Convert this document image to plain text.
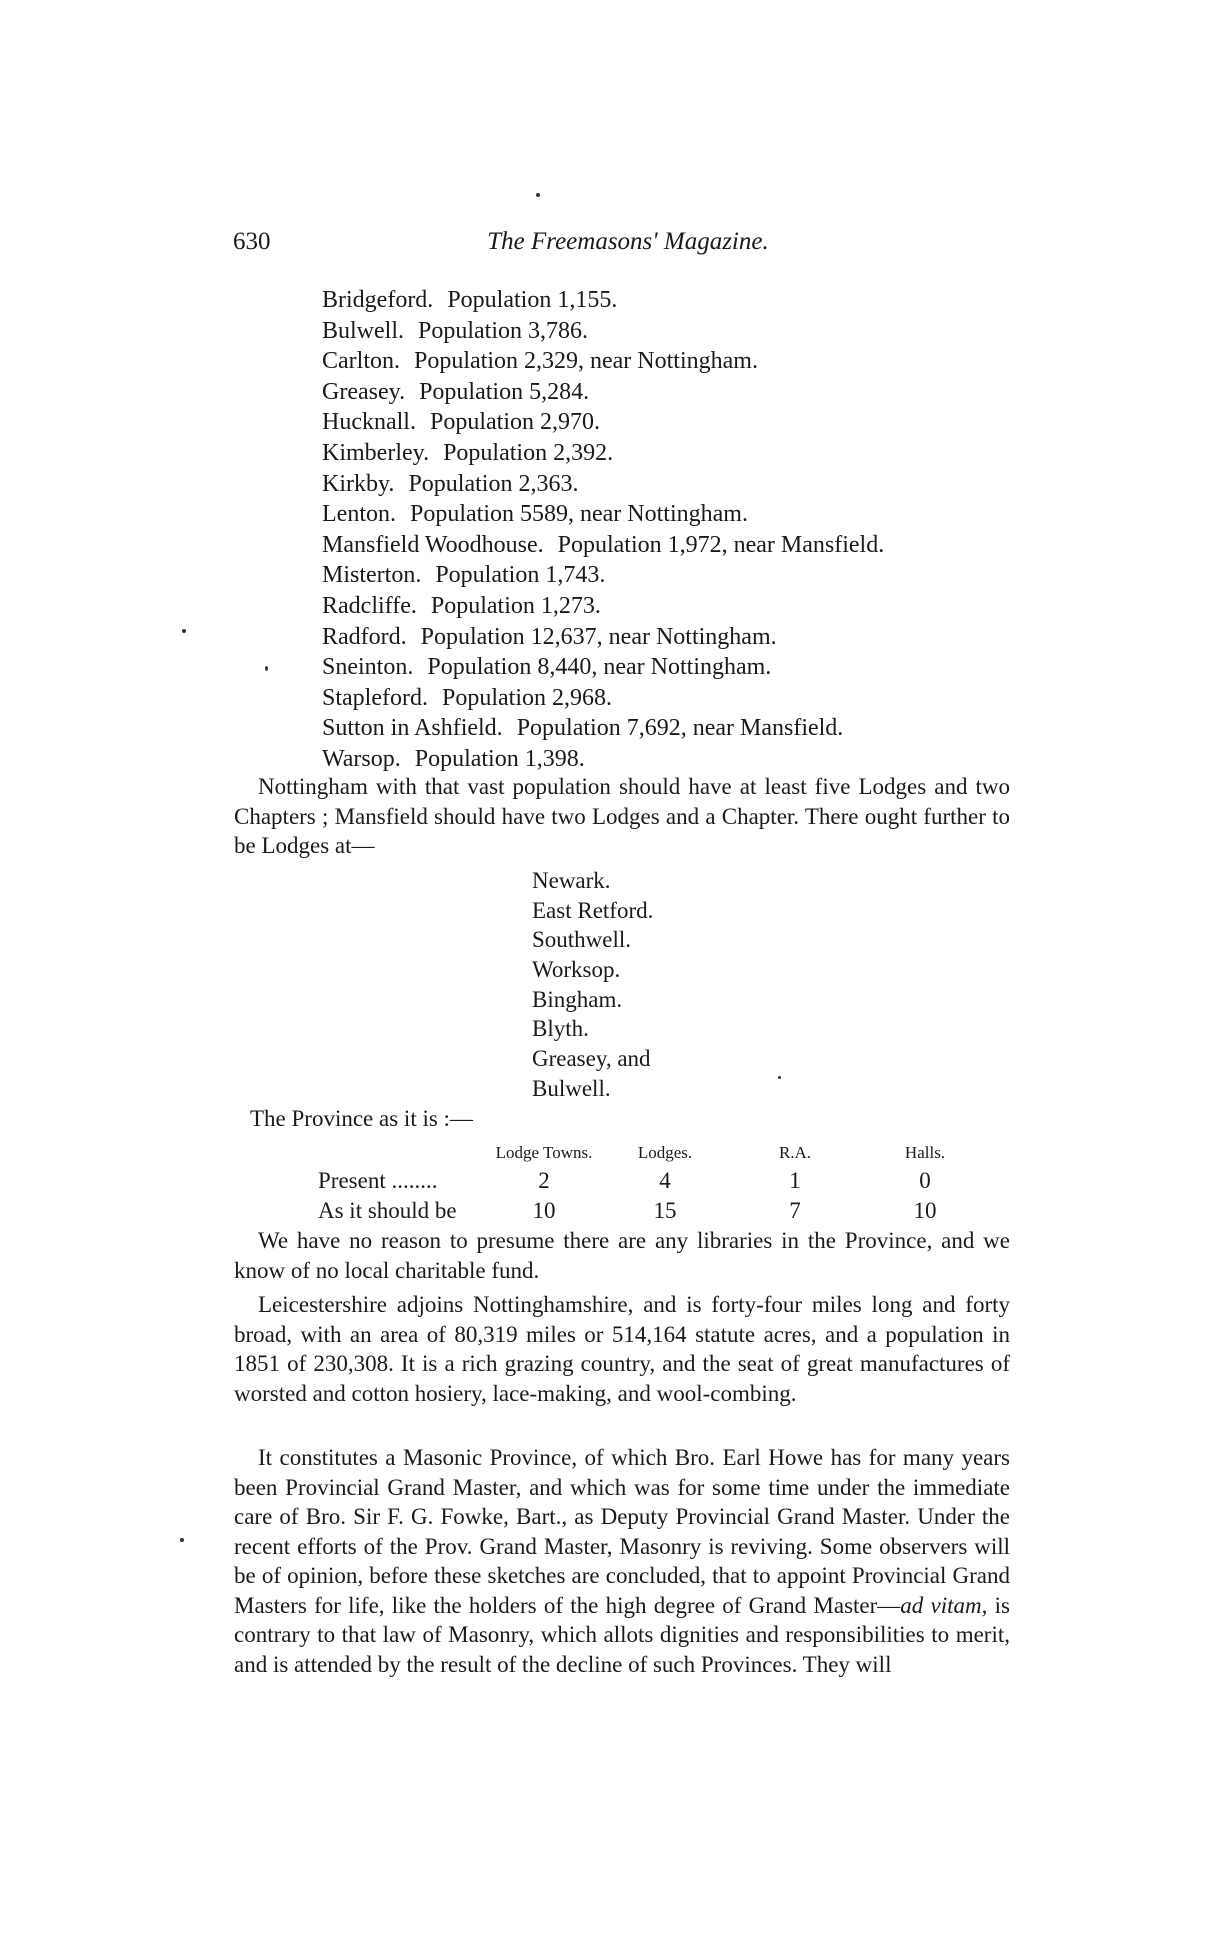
630	The Freemasons' Magazine.
Bridgeford. Population 1,155.
Bulwell. Population 3,786.
Carlton. Population 2,329, near Nottingham.
Greasey. Population 5,284.
Hucknall. Population 2,970.
Kimberley. Population 2,392.
Kirkby. Population 2,363.
Lenton. Population 5589, near Nottingham.
Mansfield Woodhouse. Population 1,972, near Mansfield.
Misterton. Population 1,743.
Radcliffe. Population 1,273.
Radford. Population 12,637, near Nottingham.
Sneinton. Population 8,440, near Nottingham.
Stapleford. Population 2,968.
Sutton in Ashfield. Population 7,692, near Mansfield.
Warsop. Population 1,398.

Nottingham with that vast population should have at least five Lodges and two Chapters ; Mansfield should have two Lodges and a Chapter. There ought further to be Lodges at—

Newark.
East Retford.
Southwell.
Worksop.
Bingham.
Blyth.
Greasey, and
Bulwell.
The Province as it is :—
	Lodge Towns.	Lodges.	R.A.	Halls.
Present ........	2	4	1	0
As it should be	10	15	7	10

We have no reason to presume there are any libraries in the Province, and we know of no local charitable fund.

Leicestershire adjoins Nottinghamshire, and is forty-four miles long and forty broad, with an area of 80,319 miles or 514,164 statute acres, and a population in 1851 of 230,308. It is a rich grazing country, and the seat of great manufactures of worsted and cotton hosiery, lace-making, and wool-combing.

It constitutes a Masonic Province, of which Bro. Earl Howe has for many years been Provincial Grand Master, and which was for some time under the immediate care of Bro. Sir F. G. Fowke, Bart., as Deputy Provincial Grand Master. Under the recent efforts of the Prov. Grand Master, Masonry is reviving. Some observers will be of opinion, before these sketches are concluded, that to appoint Provincial Grand Masters for life, like the holders of the high degree of Grand Master—ad vitam, is contrary to that law of Masonry, which allots dignities and responsibilities to merit, and is attended by the result of the decline of such Provinces. They will
